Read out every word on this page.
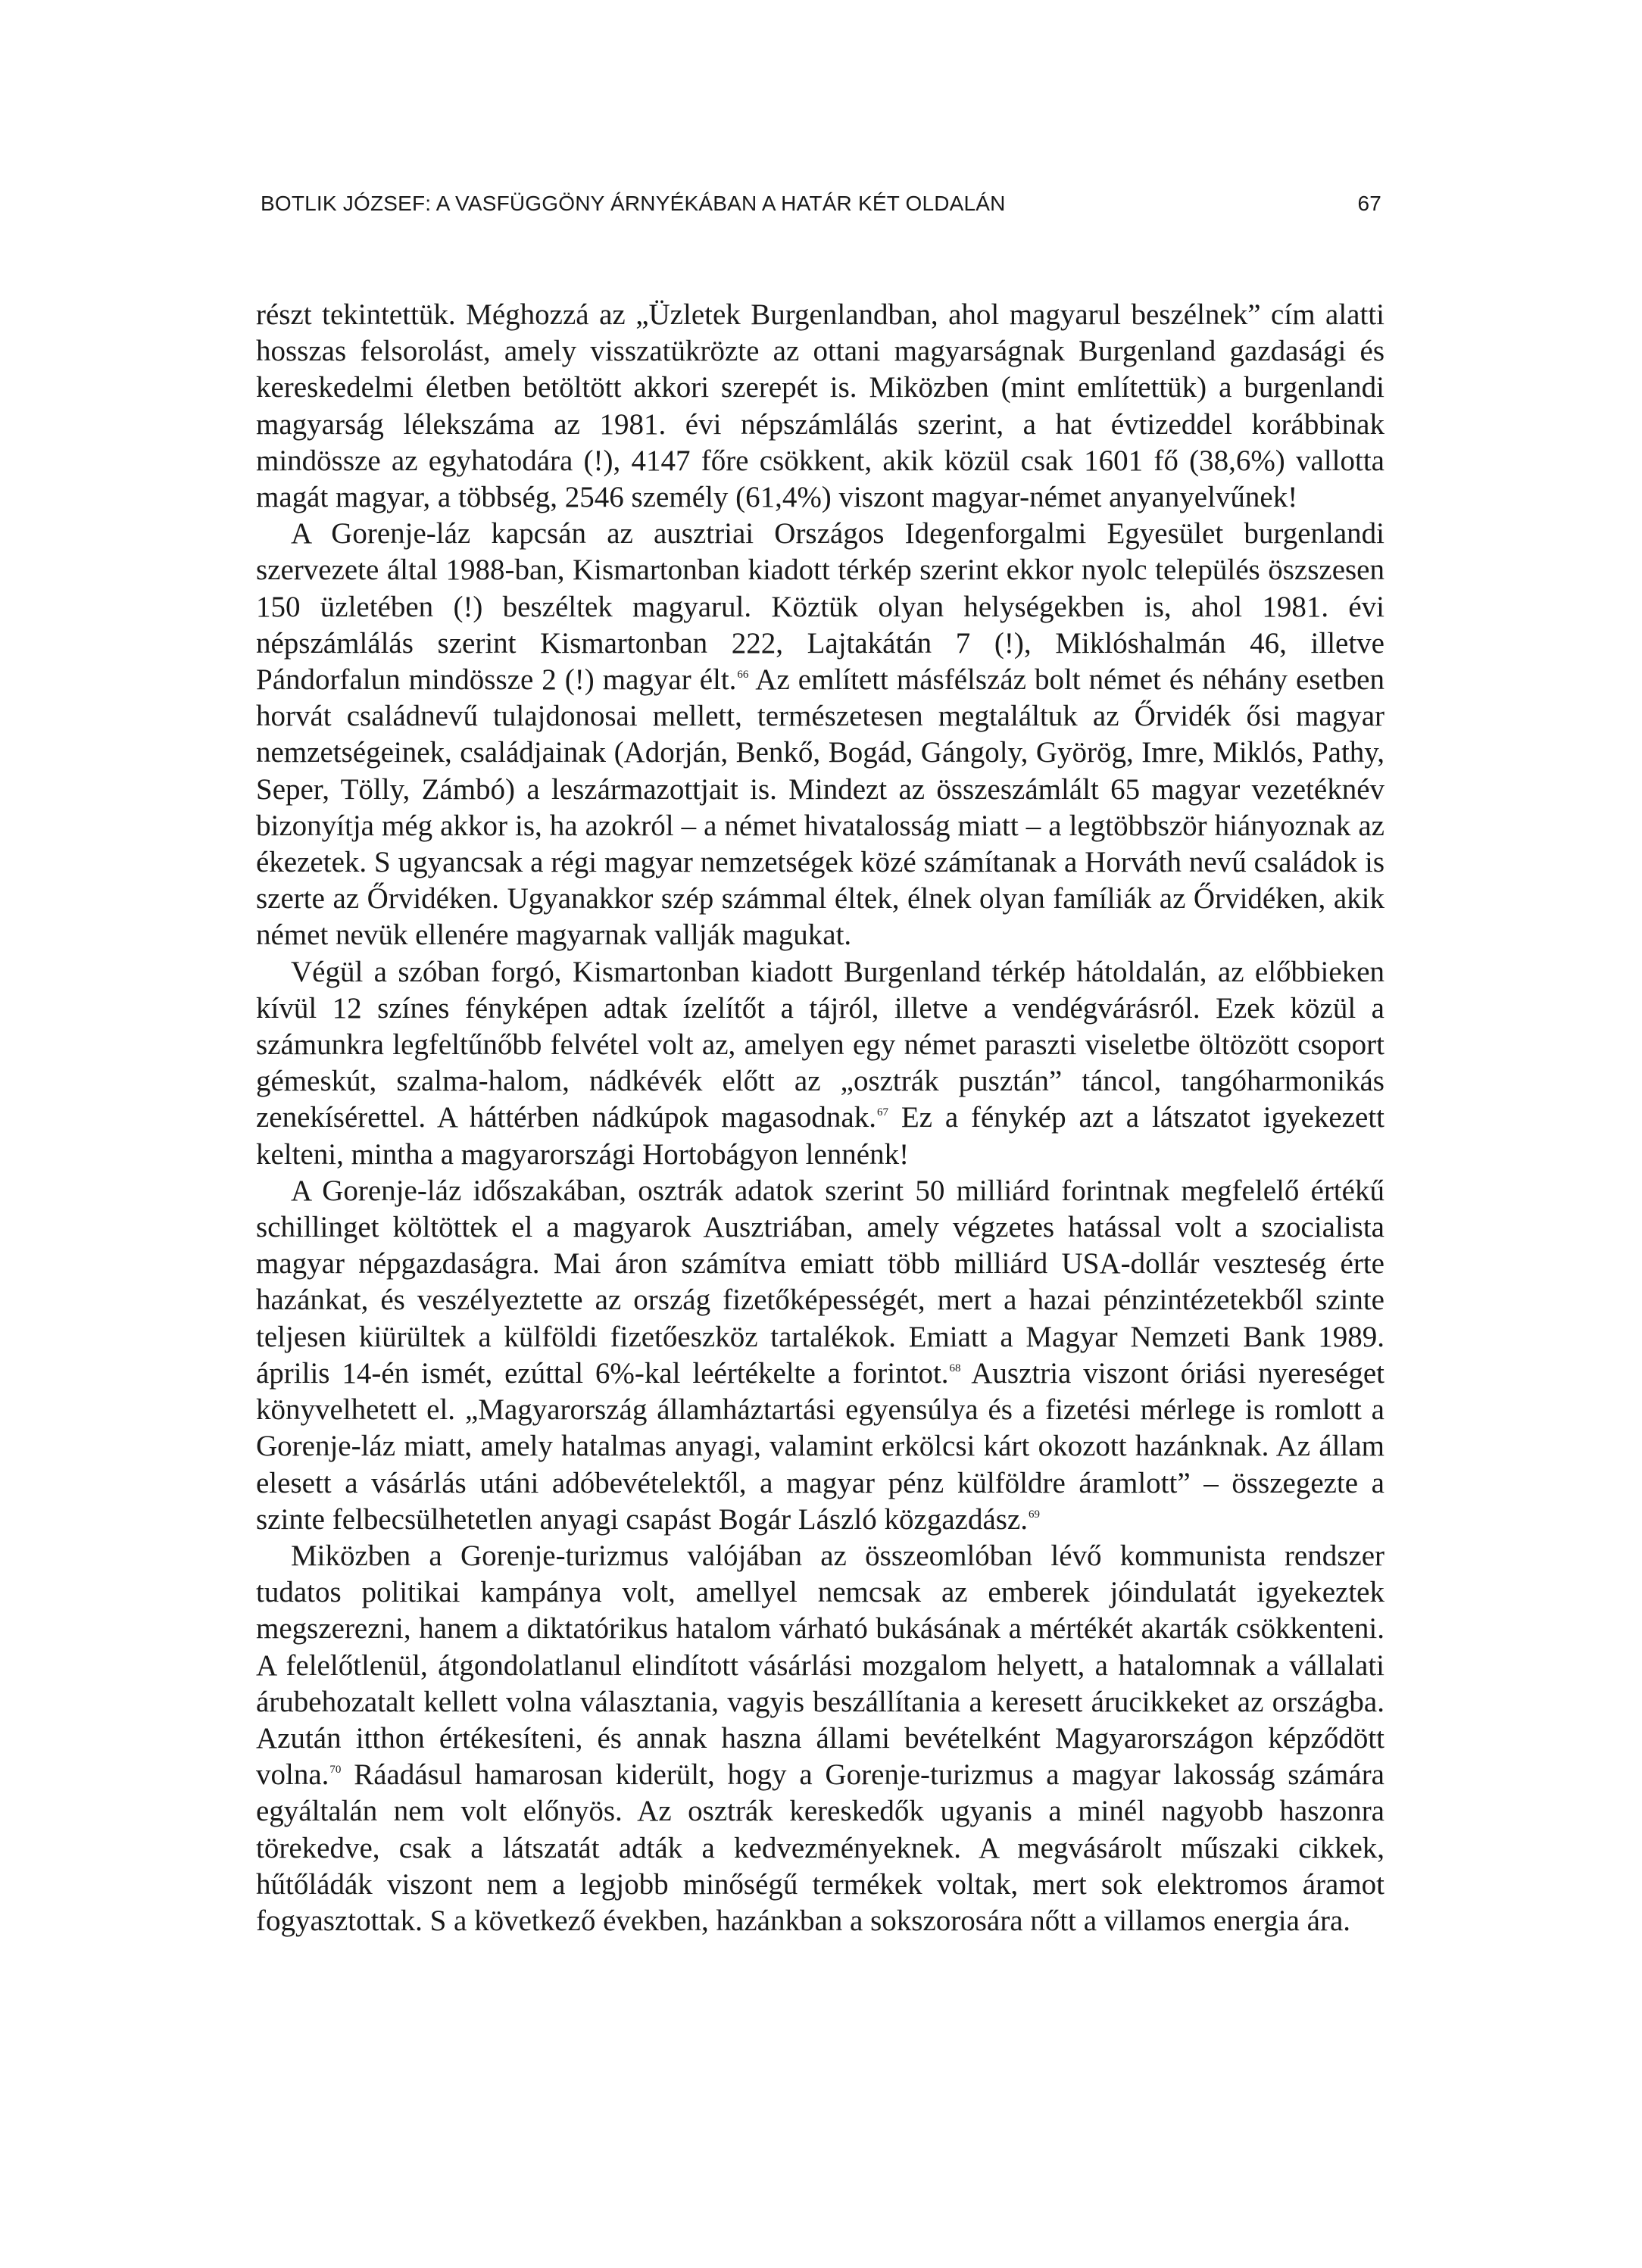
BOTLIK JÓZSEF: A VASFÜGGÖNY ÁRNYÉKÁBAN A HATÁR KÉT OLDALÁN	67

részt tekintettük. Méghozzá az „Üzletek Burgenlandban, ahol magyarul beszélnek” cím alatti hosszas felsorolást, amely visszatükrözte az ottani magyarságnak Burgenland gazdasági és kereskedelmi életben betöltött akkori szerepét is. Miközben (mint említettük) a burgenlandi magyarság lélekszáma az 1981. évi népszámlálás szerint, a hat évtizeddel korábbinak mindössze az egyhatodára (!), 4147 főre csökkent, akik közül csak 1601 fő (38,6%) vallotta magát magyar, a többség, 2546 személy (61,4%) viszont magyar-német anyanyelvűnek!

A Gorenje-láz kapcsán az ausztriai Országos Idegenforgalmi Egyesület burgenlandi szervezete által 1988-ban, Kismartonban kiadott térkép szerint ekkor nyolc település öszszesen 150 üzletében (!) beszéltek magyarul. Köztük olyan helységekben is, ahol 1981. évi népszámlálás szerint Kismartonban 222, Lajtakátán 7 (!), Miklóshalmán 46, illetve Pándorfalun mindössze 2 (!) magyar élt.$^{66}$ Az említett másfélszáz bolt német és néhány esetben horvát családnevű tulajdonosai mellett, természetesen megtaláltuk az Őrvidék ősi magyar nemzetségeinek, családjainak (Adorján, Benkő, Bogád, Gángoly, Györög, Imre, Miklós, Pathy, Seper, Tölly, Zámbó) a leszármazottjait is. Mindezt az összeszámlált 65 magyar vezetéknév bizonyítja még akkor is, ha azokról – a német hivatalosság miatt – a legtöbbször hiányoznak az ékezetek. S ugyancsak a régi magyar nemzetségek közé számítanak a Horváth nevű családok is szerte az Őrvidéken. Ugyanakkor szép számmal éltek, élnek olyan famíliák az Őrvidéken, akik német nevük ellenére magyarnak vallják magukat.

Végül a szóban forgó, Kismartonban kiadott Burgenland térkép hátoldalán, az előbbieken kívül 12 színes fényképen adtak ízelítőt a tájról, illetve a vendégvárásról. Ezek közül a számunkra legfeltűnőbb felvétel volt az, amelyen egy német paraszti viseletbe öltözött csoport gémeskút, szalma-halom, nádkévék előtt az „osztrák pusztán” táncol, tangóharmonikás zenekísérettel. A háttérben nádkúpok magasodnak.$^{67}$ Ez a fénykép azt a látszatot igyekezett kelteni, mintha a magyarországi Hortobágyon lennénk!

A Gorenje-láz időszakában, osztrák adatok szerint 50 milliárd forintnak megfelelő értékű schillinget költöttek el a magyarok Ausztriában, amely végzetes hatással volt a szocialista magyar népgazdaságra. Mai áron számítva emiatt több milliárd USA-dollár veszteség érte hazánkat, és veszélyeztette az ország fizetőképességét, mert a hazai pénzintézetekből szinte teljesen kiürültek a külföldi fizetőeszköz tartalékok. Emiatt a Magyar Nemzeti Bank 1989. április 14-én ismét, ezúttal 6%-kal leértékelte a forintot.$^{68}$ Ausztria viszont óriási nyereséget könyvelhetett el. „Magyarország államháztartási egyensúlya és a fizetési mérlege is romlott a Gorenje-láz miatt, amely hatalmas anyagi, valamint erkölcsi kárt okozott hazánknak. Az állam elesett a vásárlás utáni adóbevételektől, a magyar pénz külföldre áramlott” – összegezte a szinte felbecsülhetetlen anyagi csapást Bogár László közgazdász.$^{69}$

Miközben a Gorenje-turizmus valójában az összeomlóban lévő kommunista rendszer tudatos politikai kampánya volt, amellyel nemcsak az emberek jóindulatát igyekeztek megszerezni, hanem a diktatórikus hatalom várható bukásának a mértékét akarták csökkenteni. A felelőtlenül, átgondolatlanul elindított vásárlási mozgalom helyett, a hatalomnak a vállalati árubehozatalt kellett volna választania, vagyis beszállítania a keresett árucikkeket az országba. Azután itthon értékesíteni, és annak haszna állami bevételként Magyarországon képződött volna.$^{70}$ Ráadásul hamarosan kiderült, hogy a Gorenje-turizmus a magyar lakosság számára egyáltalán nem volt előnyös. Az osztrák kereskedők ugyanis a minél nagyobb haszonra törekedve, csak a látszatát adták a kedvezményeknek. A megvásárolt műszaki cikkek, hűtőládák viszont nem a legjobb minőségű termékek voltak, mert sok elektromos áramot fogyasztottak. S a következő években, hazánkban a sokszorosára nőtt a villamos energia ára.
